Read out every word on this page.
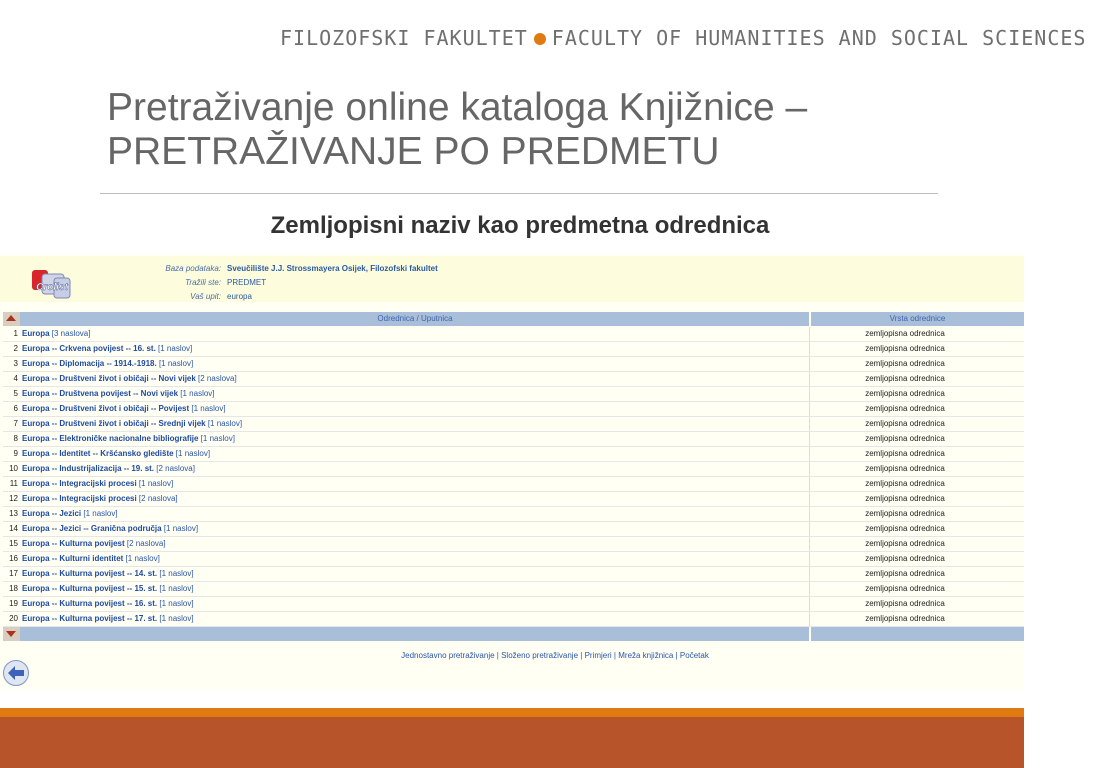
FILOZOFSKI FAKULTET FACULTY OF HUMANITIES AND SOCIAL SCIENCES
Pretraživanje online kataloga Knjižnice –
PRETRAŽIVANJE PO PREDMETU
Zemljopisni naziv kao predmetna odrednica
Crolist
Baza podataka: Sveučilište J.J. Strossmayera Osijek, Filozofski fakultet
Tražili ste: PREDMET
Vaš upit: europa
Odrednica / Uputnica	Vrsta odrednice
1 Europa [3 naslova]	zemljopisna odrednica
2 Europa -- Crkvena povijest -- 16. st. [1 naslov]	zemljopisna odrednica
3 Europa -- Diplomacija -- 1914.-1918. [1 naslov]	zemljopisna odrednica
4 Europa -- Društveni život i običaji -- Novi vijek [2 naslova]	zemljopisna odrednica
5 Europa -- Društvena povijest -- Novi vijek [1 naslov]	zemljopisna odrednica
6 Europa -- Društveni život i običaji -- Povijest [1 naslov]	zemljopisna odrednica
7 Europa -- Društveni život i običaji -- Srednji vijek [1 naslov]	zemljopisna odrednica
8 Europa -- Elektroničke nacionalne bibliografije [1 naslov]	zemljopisna odrednica
9 Europa -- Identitet -- Kršćansko gledište [1 naslov]	zemljopisna odrednica
10 Europa -- Industrijalizacija -- 19. st. [2 naslova]	zemljopisna odrednica
11 Europa -- Integracijski procesi [1 naslov]	zemljopisna odrednica
12 Europa -- Integracijski procesi [2 naslova]	zemljopisna odrednica
13 Europa -- Jezici [1 naslov]	zemljopisna odrednica
14 Europa -- Jezici -- Granična područja [1 naslov]	zemljopisna odrednica
15 Europa -- Kulturna povijest [2 naslova]	zemljopisna odrednica
16 Europa -- Kulturni identitet [1 naslov]	zemljopisna odrednica
17 Europa -- Kulturna povijest -- 14. st. [1 naslov]	zemljopisna odrednica
18 Europa -- Kulturna povijest -- 15. st. [1 naslov]	zemljopisna odrednica
19 Europa -- Kulturna povijest -- 16. st. [1 naslov]	zemljopisna odrednica
20 Europa -- Kulturna povijest -- 17. st. [1 naslov]	zemljopisna odrednica
Jednostavno pretraživanje | Složeno pretraživanje | Primjeri | Mreža knjižnica | Početak
